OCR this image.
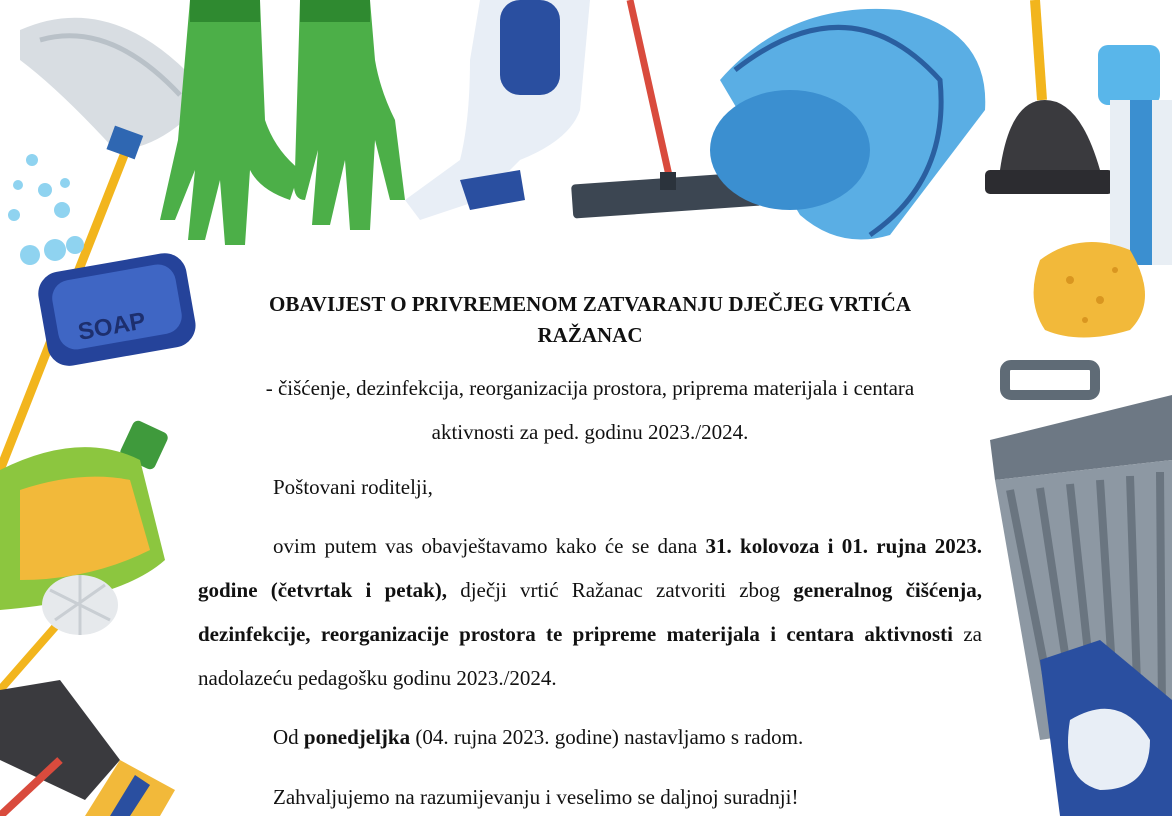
SOAP
OBAVIJEST O PRIVREMENOM ZATVARANJU DJEČJEG VRTIĆA
RAŽANAC
- čišćenje, dezinfekcija, reorganizacija prostora, priprema materijala i centara
aktivnosti za ped. godinu 2023./2024.
Poštovani roditelji,
ovim putem vas obavještavamo kako će se dana 31. kolovoza i 01. rujna 2023. godine (četvrtak i petak), dječji vrtić Ražanac zatvoriti zbog generalnog čišćenja, dezinfekcije, reorganizacije prostora te pripreme materijala i centara aktivnosti za nadolazeću pedagošku godinu 2023./2024.
Od ponedjeljka (04. rujna 2023. godine) nastavljamo s radom.
Zahvaljujemo na razumijevanju i veselimo se daljnoj suradnji!
